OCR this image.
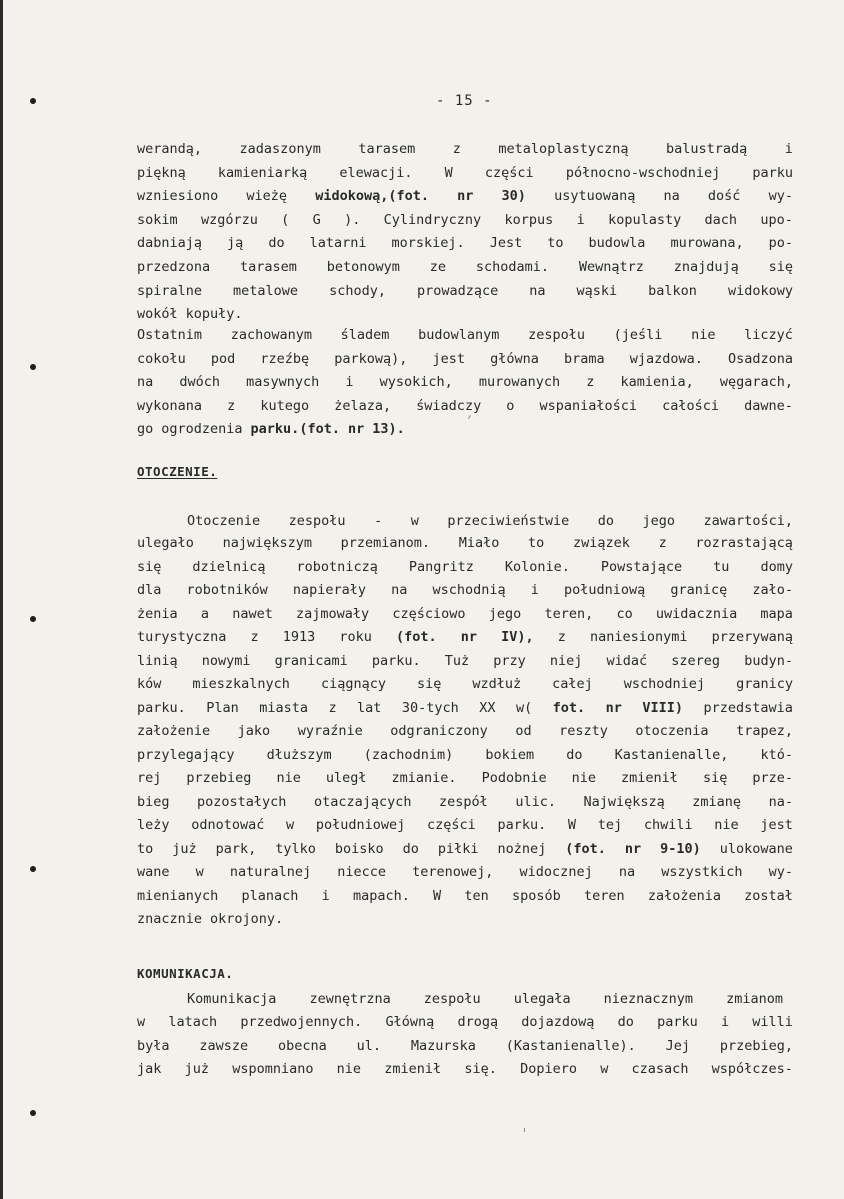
- 15 -
werandą,	zadaszonym	tarasem	z	metaloplastyczną	balustradą	i
piękną kamieniarką elewacji. W części północno-wschodniej parku
wzniesiono wieżę widokową,(fot. nr 30) usytuowaną na dość wy-
sokim wzgórzu ( G ). Cylindryczny korpus i kopulasty dach upo-
dabniają ją do latarni morskiej. Jest to budowla murowana, po-
przedzona tarasem betonowym ze schodami. Wewnątrz znajdują się
spiralne metalowe schody, prowadzące na wąski balkon widokowy
wokół kopuły.
Ostatnim zachowanym śladem budowlanym zespołu (jeśli nie liczyć
cokołu pod rzeźbę parkową), jest główna brama wjazdowa. Osadzona
na dwóch masywnych i wysokich, murowanych z kamienia, węgarach,
wykonana z kutego żelaza, świadczy o wspaniałości całości dawne-
go ogrodzenia parku.(fot. nr 13).
OTOCZENIE.
Otoczenie zespołu - w przeciwieństwie do jego zawartości,
ulegało największym przemianom. Miało to związek z rozrastającą
się dzielnicą robotniczą Pangritz Kolonie. Powstające tu domy
dla robotników napierały na wschodnią i południową granicę zało-
żenia a nawet zajmowały częściowo jego teren, co uwidacznia mapa
turystyczna z 1913 roku (fot. nr IV), z naniesionymi przerywaną
linią nowymi granicami parku. Tuż przy niej widać szereg budyn-
ków mieszkalnych ciągnący się wzdłuż całej wschodniej granicy
parku. Plan miasta z lat 30-tych XX w( fot. nr VIII) przedstawia
założenie jako wyraźnie odgraniczony od reszty otoczenia trapez,
przylegający dłuższym (zachodnim) bokiem do Kastanienalle, któ-
rej przebieg nie uległ zmianie. Podobnie nie zmienił się prze-
bieg pozostałych otaczających zespół ulic. Największą zmianę na-
leży odnotować w południowej części parku. W tej chwili nie jest
to już park, tylko boisko do piłki nożnej (fot. nr 9-10) ulokowane
wane w naturalnej niecce terenowej, widocznej na wszystkich wy-
mienianych planach i mapach. W ten sposób teren założenia został
znacznie okrojony.
KOMUNIKACJA.
Komunikacja zewnętrzna zespołu ulegała nieznacznym zmianom
w latach przedwojennych. Główną drogą dojazdową do parku i willi
była zawsze obecna ul. Mazurska (Kastanienalle). Jej przebieg,
jak już wspomniano nie zmienił się. Dopiero w czasach współczes-
